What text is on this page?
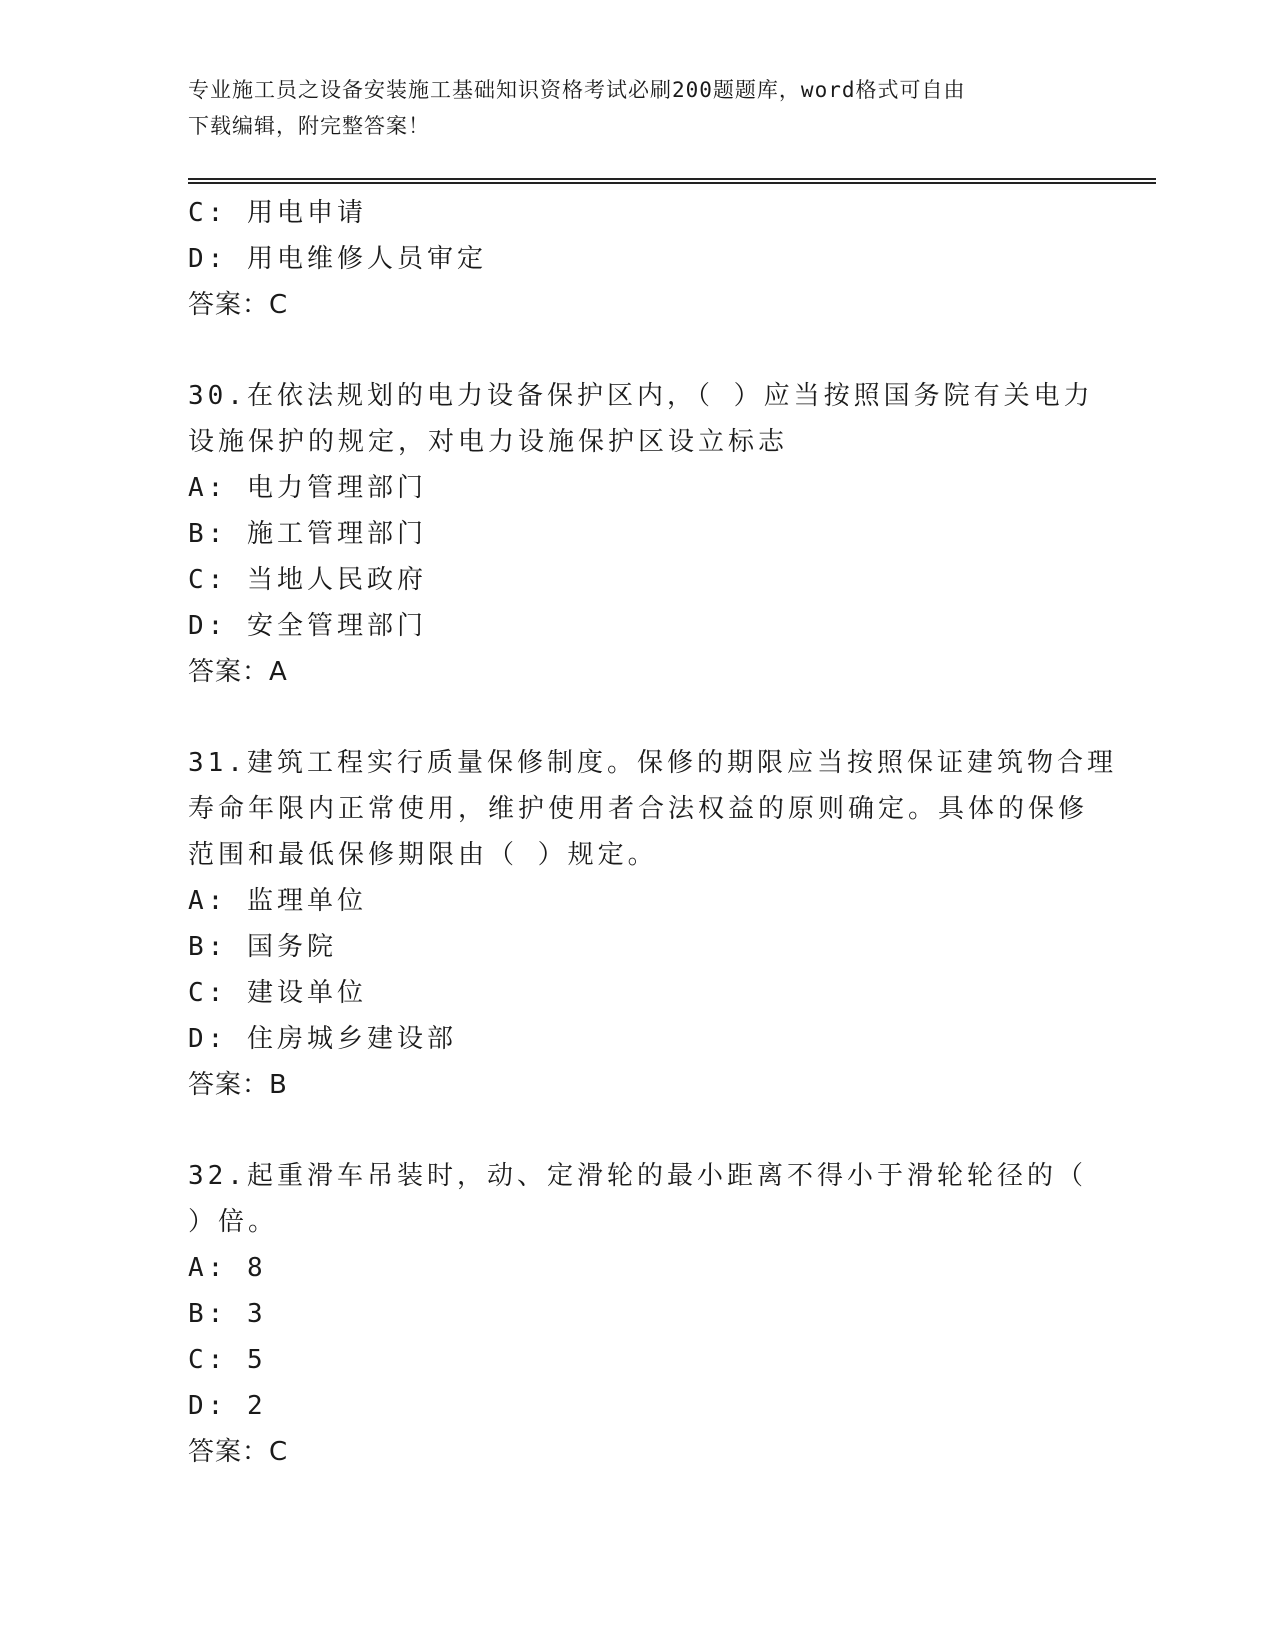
专业施工员之设备安装施工基础知识资格考试必刷200题题库，word格式可自由
下载编辑，附完整答案！
C: 用电申请
D: 用电维修人员审定
答案：C
30.在依法规划的电力设备保护区内，（ ）应当按照国务院有关电力
设施保护的规定，对电力设施保护区设立标志
A: 电力管理部门
B: 施工管理部门
C: 当地人民政府
D: 安全管理部门
答案：A
31.建筑工程实行质量保修制度。保修的期限应当按照保证建筑物合理
寿命年限内正常使用，维护使用者合法权益的原则确定。具体的保修
范围和最低保修期限由（ ）规定。
A: 监理单位
B: 国务院
C: 建设单位
D: 住房城乡建设部
答案：B
32.起重滑车吊装时，动、定滑轮的最小距离不得小于滑轮轮径的（
）倍。
A: 8
B: 3
C: 5
D: 2
答案：C
